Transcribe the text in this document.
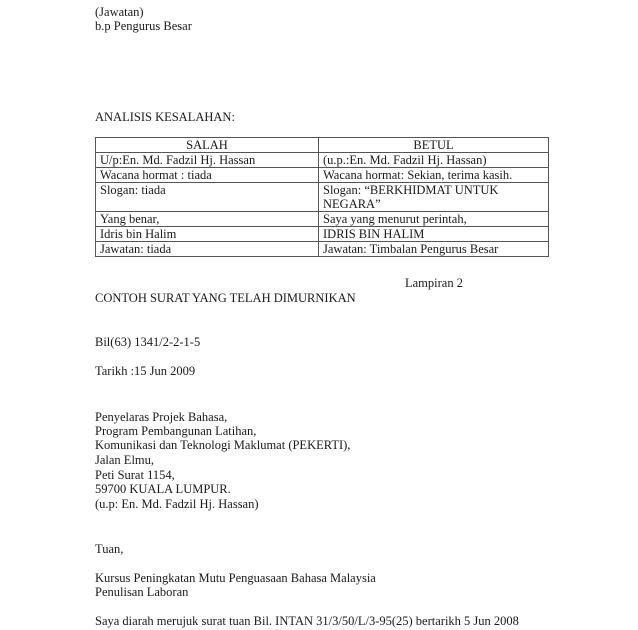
(Jawatan)
b.p Pengurus Besar
ANALISIS KESALAHAN:
SALAH	BETUL
U/p:En. Md. Fadzil Hj. Hassan	(u.p.:En. Md. Fadzil Hj. Hassan)
Wacana hormat : tiada	Wacana hormat: Sekian, terima kasih.
Slogan: tiada	Slogan: “BERKHIDMAT UNTUK
NEGARA”

Yang benar,	Saya yang menurut perintah,
Idris bin Halim	IDRIS BIN HALIM
Jawatan: tiada	Jawatan: Timbalan Pengurus Besar
Lampiran 2
CONTOH SURAT YANG TELAH DIMURNIKAN
Bil(63) 1341/2-2-1-5
Tarikh :15 Jun 2009
Penyelaras Projek Bahasa,
Program Pembangunan Latihan,
Komunikasi dan Teknologi Maklumat (PEKERTI),
Jalan Elmu,
Peti Surat 1154,
59700 KUALA LUMPUR.
(u.p: En. Md. Fadzil Hj. Hassan)
Tuan,
Kursus Peningkatan Mutu Penguasaan Bahasa Malaysia
Penulisan Laboran
Saya diarah merujuk surat tuan Bil. INTAN 31/3/50/L/3-95(25) bertarikh 5 Jun 2008
